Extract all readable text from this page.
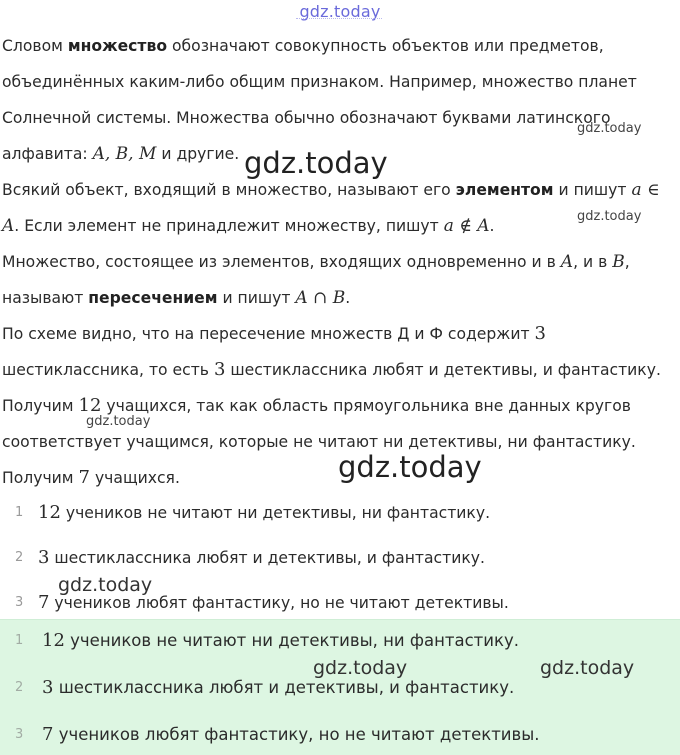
gdz.today
Словом множество обозначают совокупность объектов или предметов,
объединённых каким-либо общим признаком. Например, множество планет
Солнечной системы. Множества обычно обозначают буквами латинского
алфавита: A, B, M и другие.
Всякий объект, входящий в множество, называют его элементом и пишут a ∈
A. Если элемент не принадлежит множеству, пишут a ∉ A.
Множество, состоящее из элементов, входящих одновременно и в A, и в B,
называют пересечением и пишут A ∩ B.
По схеме видно, что на пересечение множеств Д и Ф содержит 3
шестиклассника, то есть 3 шестиклассника любят и детективы, и фантастику.
Получим 12 учащихся, так как область прямоугольника вне данных кругов
соответствует учащимся, которые не читают ни детективы, ни фантастику.
Получим 7 учащихся.
1 12 учеников не читают ни детективы, ни фантастику.
2 3 шестиклассника любят и детективы, и фантастику.
3 7 учеников любят фантастику, но не читают детективы.
1 12 учеников не читают ни детективы, ни фантастику.
2 3 шестиклассника любят и детективы, и фантастику.
3 7 учеников любят фантастику, но не читают детективы.
gdz.today
gdz.today
gdz.today
gdz.today
gdz.today
gdz.today
gdz.today	gdz.today
